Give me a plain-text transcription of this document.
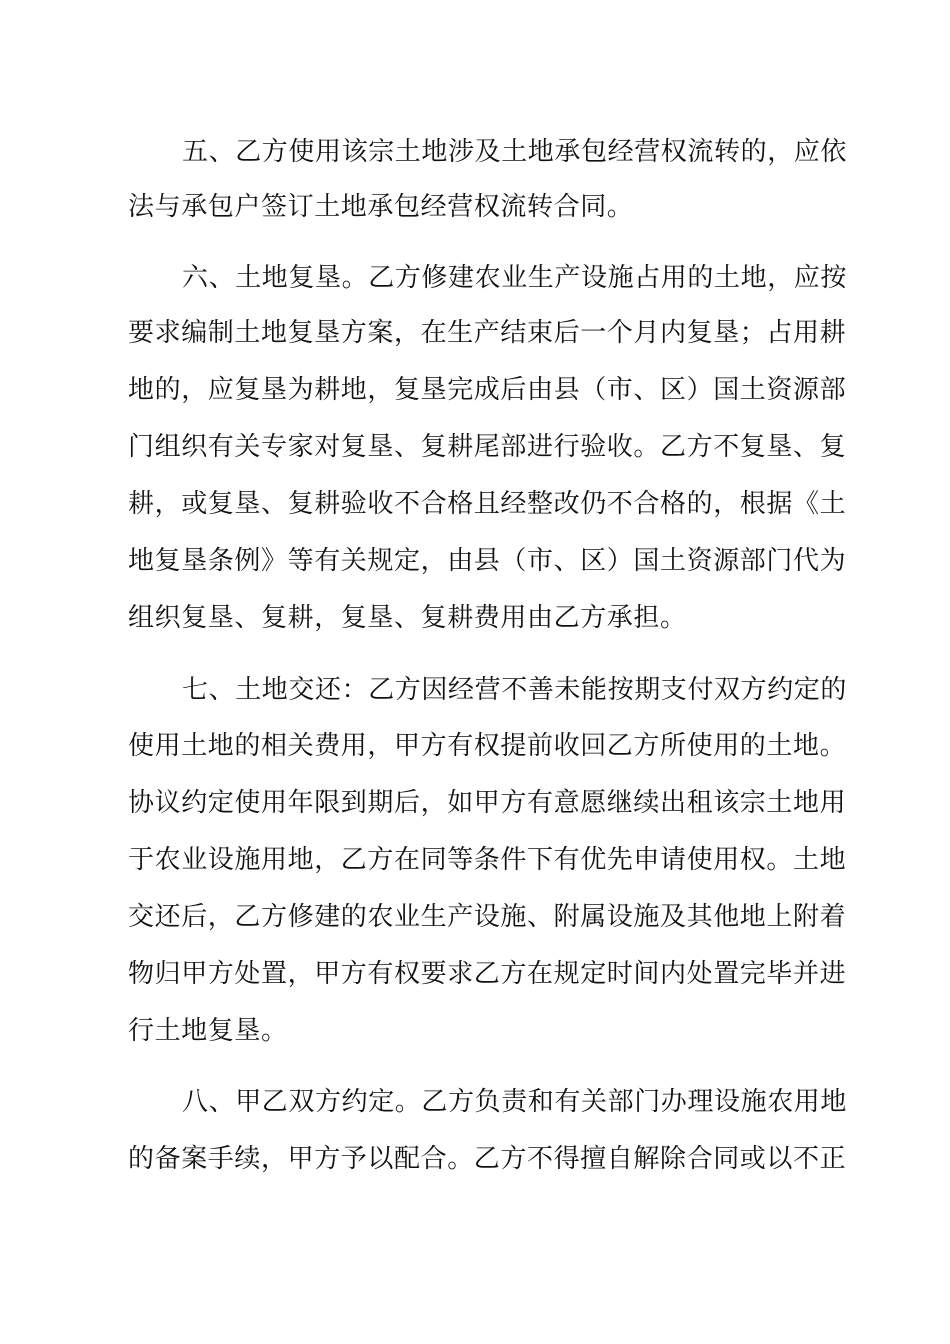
五、乙方使用该宗土地涉及土地承包经营权流转的，应依
法与承包户签订土地承包经营权流转合同。
六、土地复垦。乙方修建农业生产设施占用的土地，应按
要求编制土地复垦方案，在生产结束后一个月内复垦；占用耕
地的，应复垦为耕地，复垦完成后由县（市、区）国土资源部
门组织有关专家对复垦、复耕尾部进行验收。乙方不复垦、复
耕，或复垦、复耕验收不合格且经整改仍不合格的，根据《土
地复垦条例》等有关规定，由县（市、区）国土资源部门代为
组织复垦、复耕，复垦、复耕费用由乙方承担。
七、土地交还：乙方因经营不善未能按期支付双方约定的
使用土地的相关费用，甲方有权提前收回乙方所使用的土地。
协议约定使用年限到期后，如甲方有意愿继续出租该宗土地用
于农业设施用地，乙方在同等条件下有优先申请使用权。土地
交还后，乙方修建的农业生产设施、附属设施及其他地上附着
物归甲方处置，甲方有权要求乙方在规定时间内处置完毕并进
行土地复垦。
八、甲乙双方约定。乙方负责和有关部门办理设施农用地
的备案手续，甲方予以配合。乙方不得擅自解除合同或以不正
